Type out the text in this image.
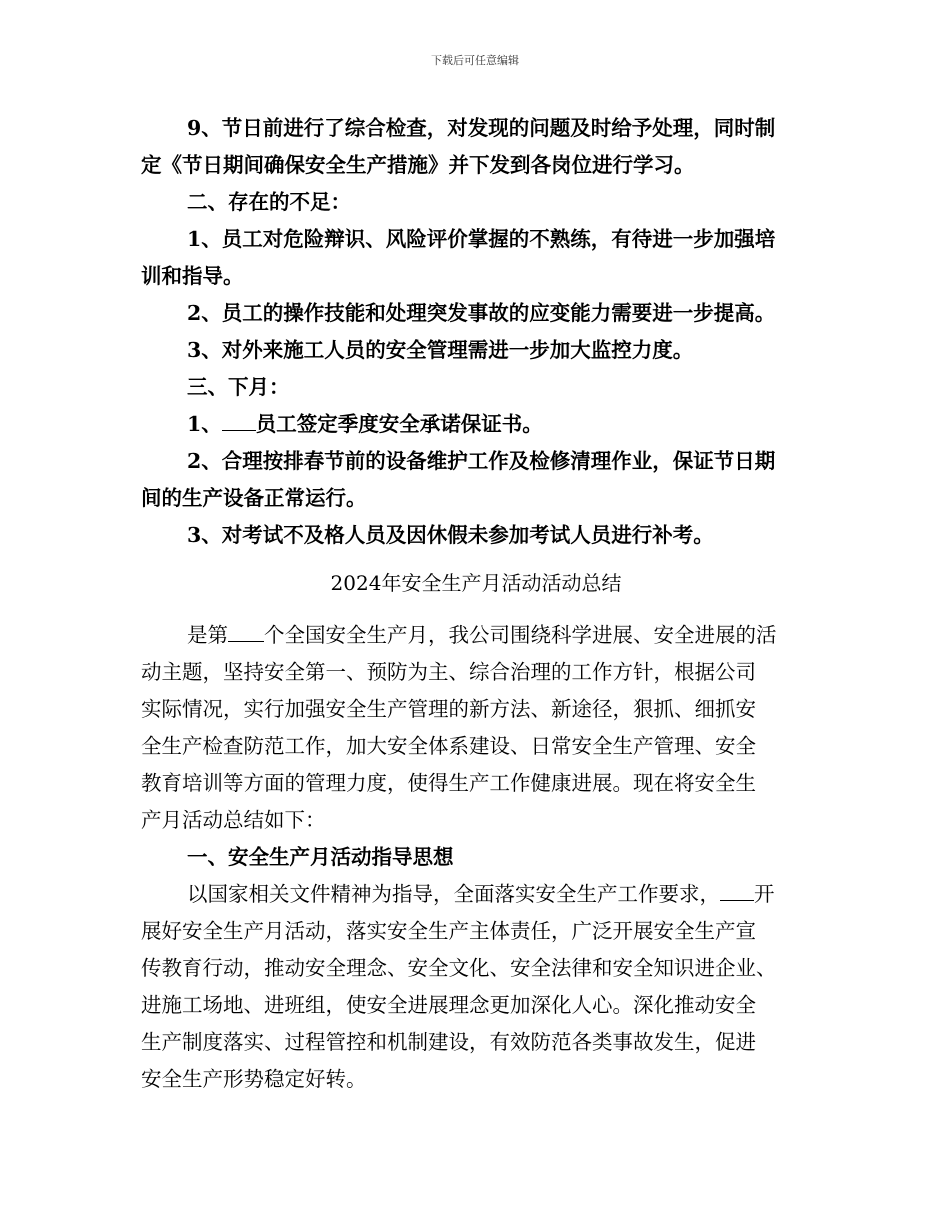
下载后可任意编辑
9、节日前进行了综合检查，对发现的问题及时给予处理，同时制
定《节日期间确保安全生产措施》并下发到各岗位进行学习。
二、存在的不足：
1、员工对危险辩识、风险评价掌握的不熟练，有待进一步加强培
训和指导。
2、员工的操作技能和处理突发事故的应变能力需要进一步提高。
3、对外来施工人员的安全管理需进一步加大监控力度。
三、下月：
1、 员工签定季度安全承诺保证书。
2、合理按排春节前的设备维护工作及检修清理作业，保证节日期
间的生产设备正常运行。
3、对考试不及格人员及因休假未参加考试人员进行补考。
2024年安全生产月活动活动总结
是第 个全国安全生产月，我公司围绕科学进展、安全进展的活
动主题，坚持安全第一、预防为主、综合治理的工作方针，根据公司
实际情况，实行加强安全生产管理的新方法、新途径，狠抓、细抓安
全生产检查防范工作，加大安全体系建设、日常安全生产管理、安全
教育培训等方面的管理力度，使得生产工作健康进展。现在将安全生
产月活动总结如下：
一、安全生产月活动指导思想
以国家相关文件精神为指导，全面落实安全生产工作要求， 开
展好安全生产月活动，落实安全生产主体责任，广泛开展安全生产宣
传教育行动，推动安全理念、安全文化、安全法律和安全知识进企业、
进施工场地、进班组，使安全进展理念更加深化人心。深化推动安全
生产制度落实、过程管控和机制建设，有效防范各类事故发生，促进
安全生产形势稳定好转。
